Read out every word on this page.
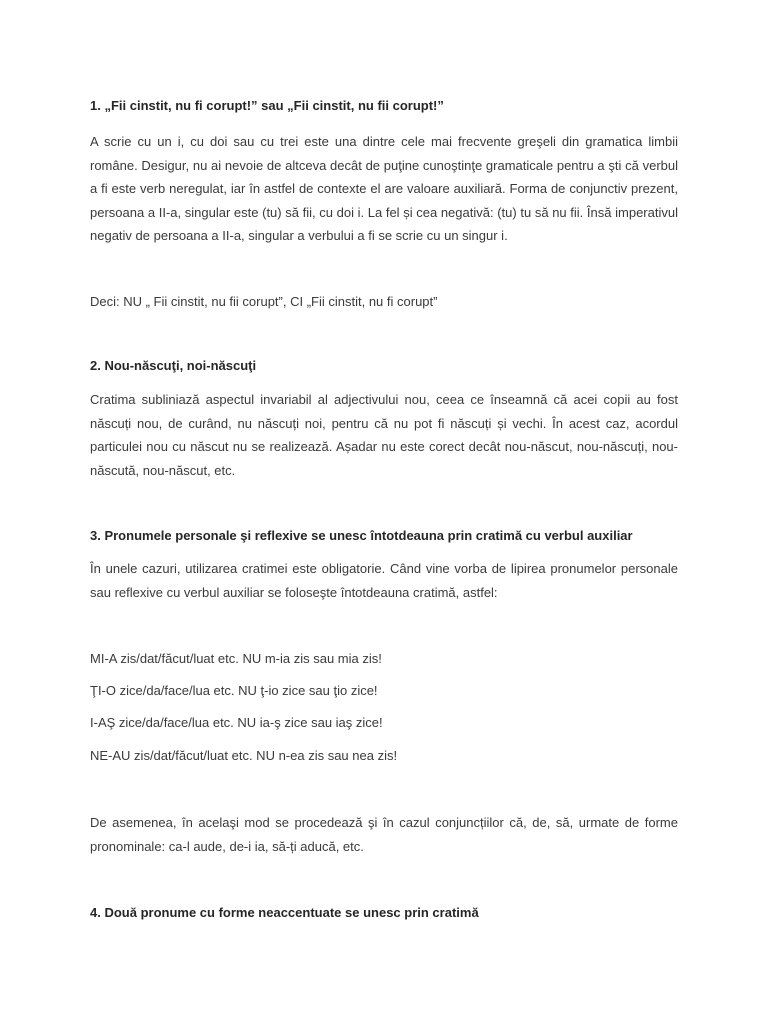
1. „Fii cinstit, nu fi corupt!” sau „Fii cinstit, nu fii corupt!”

A scrie cu un i, cu doi sau cu trei este una dintre cele mai frecvente greşeli din gramatica limbii române. Desigur, nu ai nevoie de altceva decât de puţine cunoştinţe gramaticale pentru a şti că verbul a fi este verb neregulat, iar în astfel de contexte el are valoare auxiliară. Forma de conjunctiv prezent, persoana a II-a, singular este (tu) să fii, cu doi i. La fel și cea negativă: (tu) tu să nu fii. Însă imperativul negativ de persoana a II-a, singular a verbului a fi se scrie cu un singur i.

Deci: NU „ Fii cinstit, nu fii corupt”, CI „Fii cinstit, nu fi corupt”

2. Nou-născuţi, noi-născuţi

Cratima subliniază aspectul invariabil al adjectivului nou, ceea ce înseamnă că acei copii au fost născuți nou, de curând, nu născuți noi, pentru că nu pot fi născuți și vechi. În acest caz, acordul particulei nou cu născut nu se realizează. Așadar nu este corect decât nou-născut, nou-născuți, nou-născută, nou-născut, etc.

3. Pronumele personale şi reflexive se unesc întotdeauna prin cratimă cu verbul auxiliar

În unele cazuri, utilizarea cratimei este obligatorie. Când vine vorba de lipirea pronumelor personale sau reflexive cu verbul auxiliar se foloseşte întotdeauna cratimă, astfel:

MI-A zis/dat/făcut/luat etc. NU m-ia zis sau mia zis!

ŢI-O zice/da/face/lua etc. NU ţ-io zice sau ţio zice!

I-AŞ zice/da/face/lua etc. NU ia-ş zice sau iaş zice!

NE-AU zis/dat/făcut/luat etc. NU n-ea zis sau nea zis!

De asemenea, în acelaşi mod se procedează şi în cazul conjuncțiilor că, de, să, urmate de forme pronominale: ca-l aude, de-i ia, să-ți aducă, etc.

4. Două pronume cu forme neaccentuate se unesc prin cratimă
